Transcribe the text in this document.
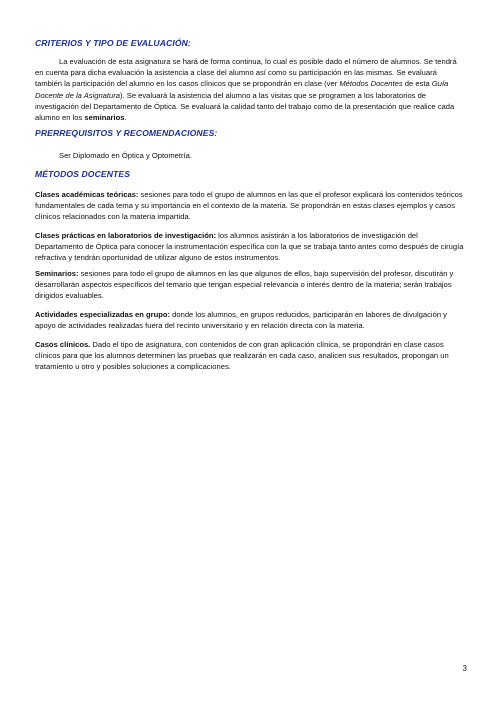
CRITERIOS Y TIPO DE EVALUACIÓN:
La evaluación de esta asignatura se hará de forma continua, lo cual es posible dado el número de alumnos. Se tendrá en cuenta para dicha evaluación la asistencia a clase del alumno así como su participación en las mismas. Se evaluará también la participación del alumno en los casos clínicos que se propondrán en clase (ver Métodos Docentes de esta Guía Docente de la Asignatura). Se evaluará la asistencia del alumno a las visitas que se programen a los laboratorios de investigación del Departamento de Óptica. Se evaluará la calidad tanto del trabajo como de la presentación que realice cada alumno en los seminarios.
PRERREQUISITOS Y RECOMENDACIONES:
Ser Diplomado en Óptica y Optometría.
MÉTODOS DOCENTES
Clases académicas teóricas: sesiones para todo el grupo de alumnos en las que el profesor explicará los contenidos teóricos fundamentales de cada tema y su importancia en el contexto de la materia. Se propondrán en estas clases ejemplos y casos clínicos relacionados con la materia impartida.
Clases prácticas en laboratorios de investigación: los alumnos asistirán a los laboratorios de investigación del Departamento de Óptica para conocer la instrumentación específica con la que se trabaja tanto antes como después de cirugía refractiva y tendrán oportunidad de utilizar alguno de estos instrumentos.
Seminarios: sesiones para todo el grupo de alumnos en las que algunos de ellos, bajo supervisión del profesor, discutirán y desarrollarán aspectos específicos del temario que tengan especial relevancia o interés dentro de la materia; serán trabajos dirigidos evaluables.
Actividades especializadas en grupo: donde los alumnos, en grupos reducidos, participarán en labores de divulgación y apoyo de actividades realizadas fuera del recinto universitario y en relación directa con la materia.
Casos clínicos. Dado el tipo de asignatura, con contenidos de con gran aplicación clínica, se propondrán en clase casos clínicos para que los alumnos determinen las pruebas que realizarán en cada caso, analicen sus resultados, propongan un tratamiento u otro y posibles soluciones a complicaciones.
3
